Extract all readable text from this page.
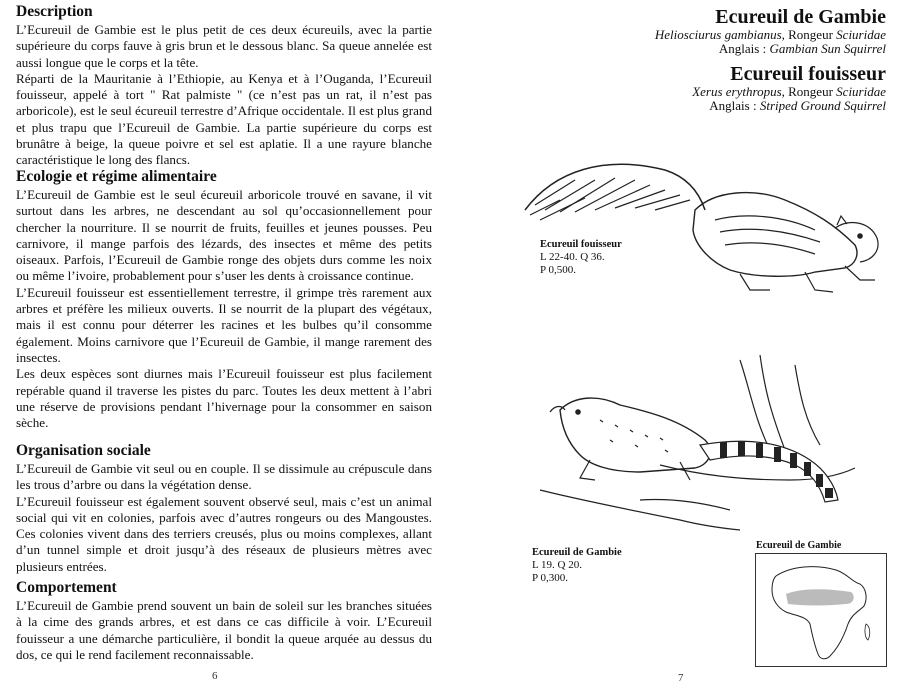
Description

L’Ecureuil de Gambie est le plus petit de ces deux écureuils, avec la partie supérieure du corps fauve à gris brun et le dessous blanc. Sa queue annelée est aussi longue que le corps et la tête.

Réparti de la Mauritanie à l’Ethiopie, au Kenya et à l’Ouganda, l’Ecureuil fouisseur, appelé à tort " Rat palmiste " (ce n’est pas un rat, il n’est pas arboricole), est le seul écureuil terrestre d’Afrique occidentale. Il est plus grand et plus trapu que l’Ecureuil de Gambie. La partie supérieure du corps est brunâtre à beige, la queue poivre et sel est aplatie. Il a une rayure blanche caractéristique le long des flancs.

Ecologie et régime alimentaire

L’Ecureuil de Gambie est le seul écureuil arboricole trouvé en savane, il vit surtout dans les arbres, ne descendant au sol qu’occasionnellement pour chercher la nourriture. Il se nourrit de fruits, feuilles et jeunes pousses. Peu carnivore, il mange parfois des lézards, des insectes et même des petits oiseaux. Parfois, l’Ecureuil de Gambie ronge des objets durs comme les noix ou même l’ivoire, probablement pour s’user les dents à croissance continue.

L’Ecureuil fouisseur est essentiellement terrestre, il grimpe très rarement aux arbres et préfère les milieux ouverts. Il se nourrit de la plupart des végétaux, mais il est connu pour déterrer les racines et les bulbes qu’il consomme également. Moins carnivore que l’Ecureuil de Gambie, il mange rarement des insectes.

Les deux espèces sont diurnes mais l’Ecureuil fouisseur est plus facilement repérable quand il traverse les pistes du parc. Toutes les deux mettent à l’abri une réserve de provisions pendant l’hivernage pour la consommer en saison sèche.

Organisation sociale

L’Ecureuil de Gambie vit seul ou en couple. Il se dissimule au crépuscule dans les trous d’arbre ou dans la végétation dense.

L’Ecureuil fouisseur est également souvent observé seul, mais c’est un animal social qui vit en colonies, parfois avec d’autres rongeurs ou des Mangoustes. Ces colonies vivent dans des terriers creusés, plus ou moins complexes, allant d’un tunnel simple et droit jusqu’à des réseaux de plusieurs mètres avec plusieurs entrées.

Comportement

L’Ecureuil de Gambie prend souvent un bain de soleil sur les branches situées à la cime des grands arbres, et est dans ce cas difficile à voir. L’Ecureuil fouisseur a une démarche particulière, il bondit la queue arquée au dessus du dos, ce qui le rend facilement reconnaissable.

6
Ecureuil de Gambie
Heliosciurus gambianus, Rongeur Sciuridae
Anglais : Gambian Sun Squirrel
Ecureuil fouisseur
Xerus erythropus, Rongeur Sciuridae
Anglais : Striped Ground Squirrel
Ecureuil fouisseur
L 22-40. Q 36.
P 0,500.
Ecureuil de Gambie
L 19. Q 20.
P 0,300.
Ecureuil de Gambie
7
